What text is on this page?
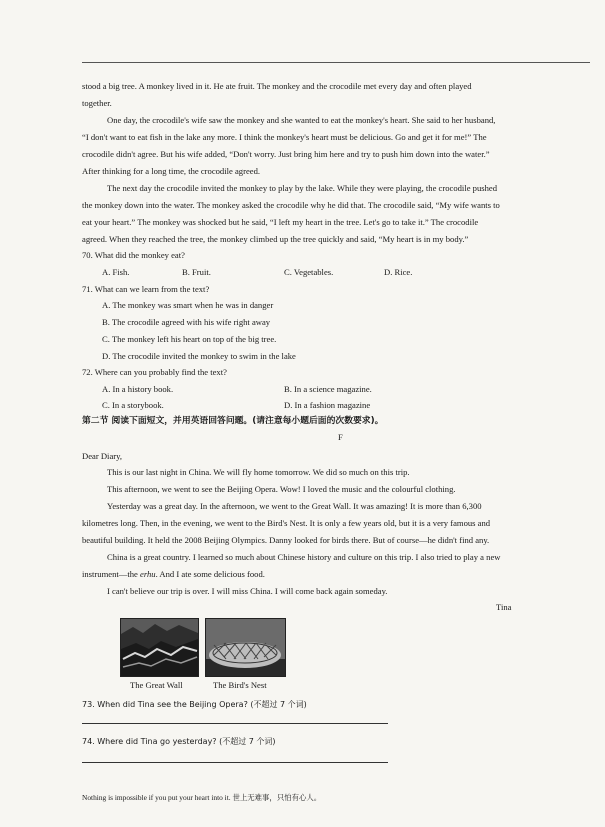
stood a big tree. A monkey lived in it. He ate fruit. The monkey and the crocodile met every day and often played
together.
One day, the crocodile's wife saw the monkey and she wanted to eat the monkey's heart. She said to her husband,
“I don't want to eat fish in the lake any more. I think the monkey's heart must be delicious. Go and get it for me!” The
crocodile didn't agree. But his wife added, “Don't worry. Just bring him here and try to push him down into the water.”
After thinking for a long time, the crocodile agreed.
The next day the crocodile invited the monkey to play by the lake. While they were playing, the crocodile pushed
the monkey down into the water. The monkey asked the crocodile why he did that. The crocodile said, “My wife wants to
eat your heart.” The monkey was shocked but he said, “I left my heart in the tree. Let's go to take it.” The crocodile
agreed. When they reached the tree, the monkey climbed up the tree quickly and said, “My heart is in my body.”
70. What did the monkey eat?
A. Fish.	B. Fruit.	C. Vegetables.	D. Rice.
71. What can we learn from the text?
A. The monkey was smart when he was in danger
B. The crocodile agreed with his wife right away
C. The monkey left his heart on top of the big tree.
D. The crocodile invited the monkey to swim in the lake
72. Where can you probably find the text?
A. In a history book.	B. In a science magazine.
C. In a storybook.	D. In a fashion magazine
第二节 阅读下面短文，并用英语回答问题。(请注意每小题后面的次数要求)。
F
Dear Diary,
This is our last night in China. We will fly home tomorrow. We did so much on this trip.
This afternoon, we went to see the Beijing Opera. Wow! I loved the music and the colourful clothing.
Yesterday was a great day. In the afternoon, we went to the Great Wall. It was amazing! It is more than 6,300
kilometres long. Then, in the evening, we went to the Bird's Nest. It is only a few years old, but it is a very famous and
beautiful building. It held the 2008 Beijing Olympics. Danny looked for birds there. But of course—he didn't find any.
China is a great country. I learned so much about Chinese history and culture on this trip. I also tried to play a new
instrument—the erhu. And I ate some delicious food.
I can't believe our trip is over. I will miss China. I will come back again someday.
Tina
The Great Wall	The Bird's Nest
73. When did Tina see the Beijing Opera? (不超过 7 个词)
74. Where did Tina go yesterday? (不超过 7 个词)
Nothing is impossible if you put your heart into it. 世上无难事，只怕有心人。
